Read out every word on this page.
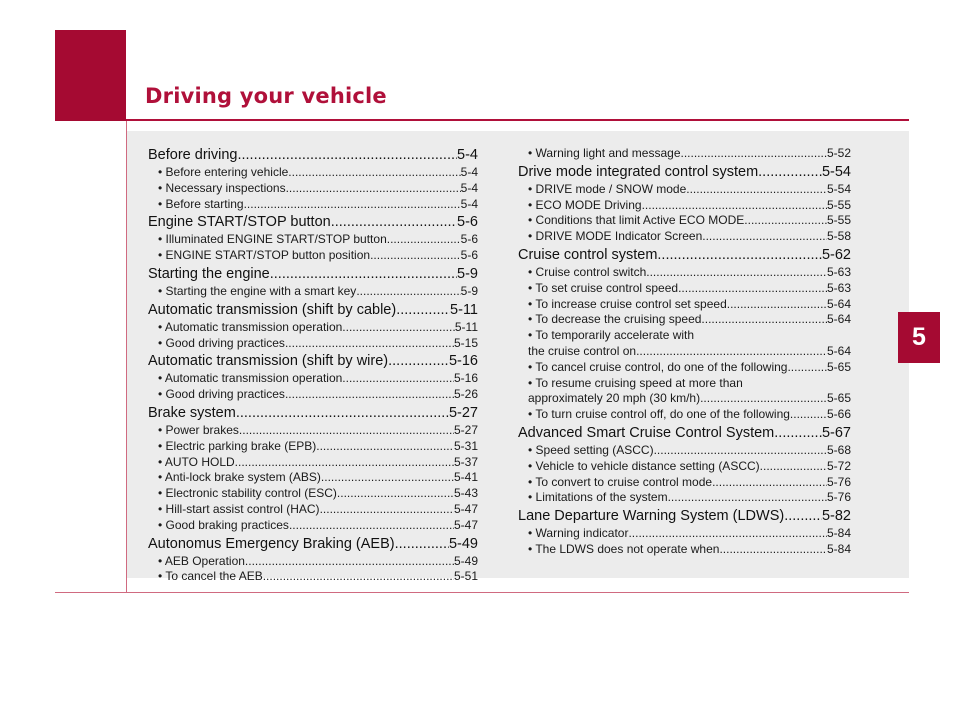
Driving your vehicle
5
Before driving .....	5-4
• Before entering vehicle. .....	5-4
• Necessary inspections .....	5-4
• Before starting .....	5-4
Engine START/STOP button .....	5-6
• Illuminated ENGINE START/STOP button .....	5-6
• ENGINE START/STOP button position .....	5-6
Starting the engine .....	5-9
• Starting the engine with a smart key .....	5-9
Automatic transmission (shift by cable) .....	5-11
• Automatic transmission operation .....	5-11
• Good driving practices .....	5-15
Automatic transmission (shift by wire) .....	5-16
• Automatic transmission operation .....	5-16
• Good driving practices .....	5-26
Brake system .....	5-27
• Power brakes .....	5-27
• Electric parking brake (EPB) .....	5-31
• AUTO HOLD .....	5-37
• Anti-lock brake system (ABS) .....	5-41
• Electronic stability control (ESC) .....	5-43
• Hill-start assist control (HAC) .....	5-47
• Good braking practices .....	5-47
Autonomus Emergency Braking (AEB) .....	5-49
• AEB Operation .....	5-49
• To cancel the AEB .....	5-51
• Warning light and message .....	5-52
Drive mode integrated control system .....	5-54
• DRIVE mode / SNOW mode .....	5-54
• ECO MODE Driving .....	5-55
• Conditions that limit Active ECO MODE .....	5-55
• DRIVE MODE Indicator Screen .....	5-58
Cruise control system .....	5-62
• Cruise control switch .....	5-63
• To set cruise control speed .....	5-63
• To increase cruise control set speed .....	5-64
• To decrease the cruising speed .....	5-64
• To temporarily accelerate with
the cruise control on .....	5-64
• To cancel cruise control, do one of the following .....	5-65
• To resume cruising speed at more than
approximately 20 mph (30 km/h) .....	5-65
• To turn cruise control off, do one of the following .....	5-66
Advanced Smart Cruise Control System .....	5-67
• Speed setting (ASCC) .....	5-68
• Vehicle to vehicle distance setting (ASCC) .....	5-72
• To convert to cruise control mode .....	5-76
• Limitations of the system .....	5-76
Lane Departure Warning System (LDWS) .....	5-82
• Warning indicator .....	5-84
• The LDWS does not operate when .....	5-84
